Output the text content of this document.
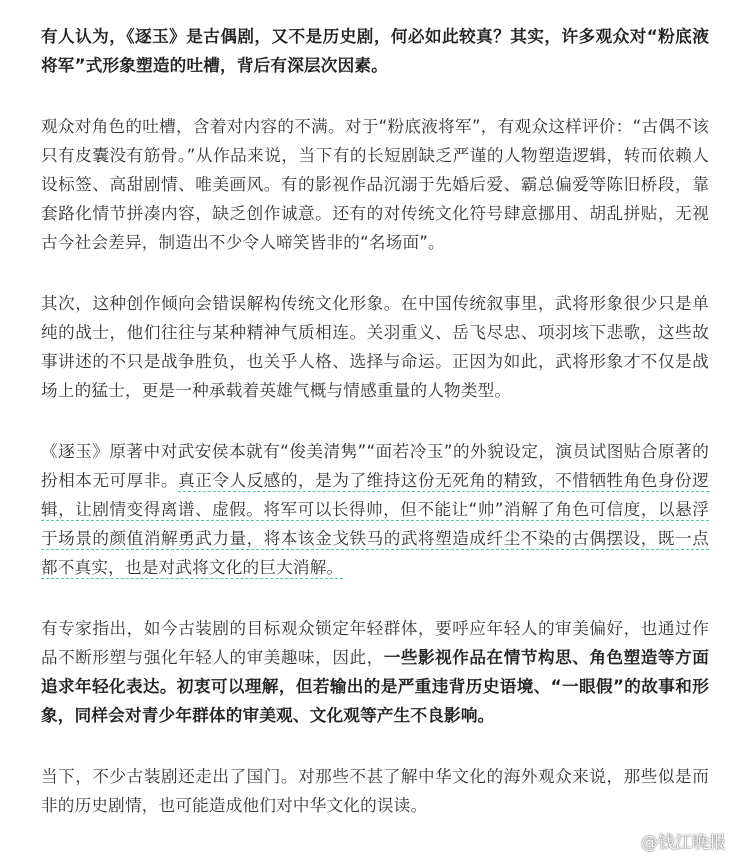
有人认为，《逐玉》是古偶剧，又不是历史剧，何必如此较真？其实，许多观众对“粉底液将军”式形象塑造的吐槽，背后有深层次因素。

观众对角色的吐槽，含着对内容的不满。对于“粉底液将军”，有观众这样评价：“古偶不该只有皮囊没有筋骨。”从作品来说，当下有的长短剧缺乏严谨的人物塑造逻辑，转而依赖人设标签、高甜剧情、唯美画风。有的影视作品沉溺于先婚后爱、霸总偏爱等陈旧桥段，靠套路化情节拼凑内容，缺乏创作诚意。还有的对传统文化符号肆意挪用、胡乱拼贴，无视古今社会差异，制造出不少令人啼笑皆非的“名场面”。

其次，这种创作倾向会错误解构传统文化形象。在中国传统叙事里，武将形象很少只是单纯的战士，他们往往与某种精神气质相连。关羽重义、岳飞尽忠、项羽垓下悲歌，这些故事讲述的不只是战争胜负，也关乎人格、选择与命运。正因为如此，武将形象才不仅是战场上的猛士，更是一种承载着英雄气概与情感重量的人物类型。

《逐玉》原著中对武安侯本就有“俊美清隽”“面若冷玉”的外貌设定，演员试图贴合原著的扮相本无可厚非。真正令人反感的，是为了维持这份无死角的精致，不惜牺牲角色身份逻辑，让剧情变得离谱、虚假。将军可以长得帅，但不能让“帅”消解了角色可信度，以悬浮于场景的颜值消解勇武力量，将本该金戈铁马的武将塑造成纤尘不染的古偶摆设，既一点都不真实，也是对武将文化的巨大消解。

有专家指出，如今古装剧的目标观众锁定年轻群体，要呼应年轻人的审美偏好，也通过作品不断形塑与强化年轻人的审美趣味，因此，一些影视作品在情节构思、角色塑造等方面追求年轻化表达。初衷可以理解，但若输出的是严重违背历史语境、“一眼假”的故事和形象，同样会对青少年群体的审美观、文化观等产生不良影响。

当下，不少古装剧还走出了国门。对那些不甚了解中华文化的海外观众来说，那些似是而非的历史剧情，也可能造成他们对中华文化的误读。

@钱江晚报
